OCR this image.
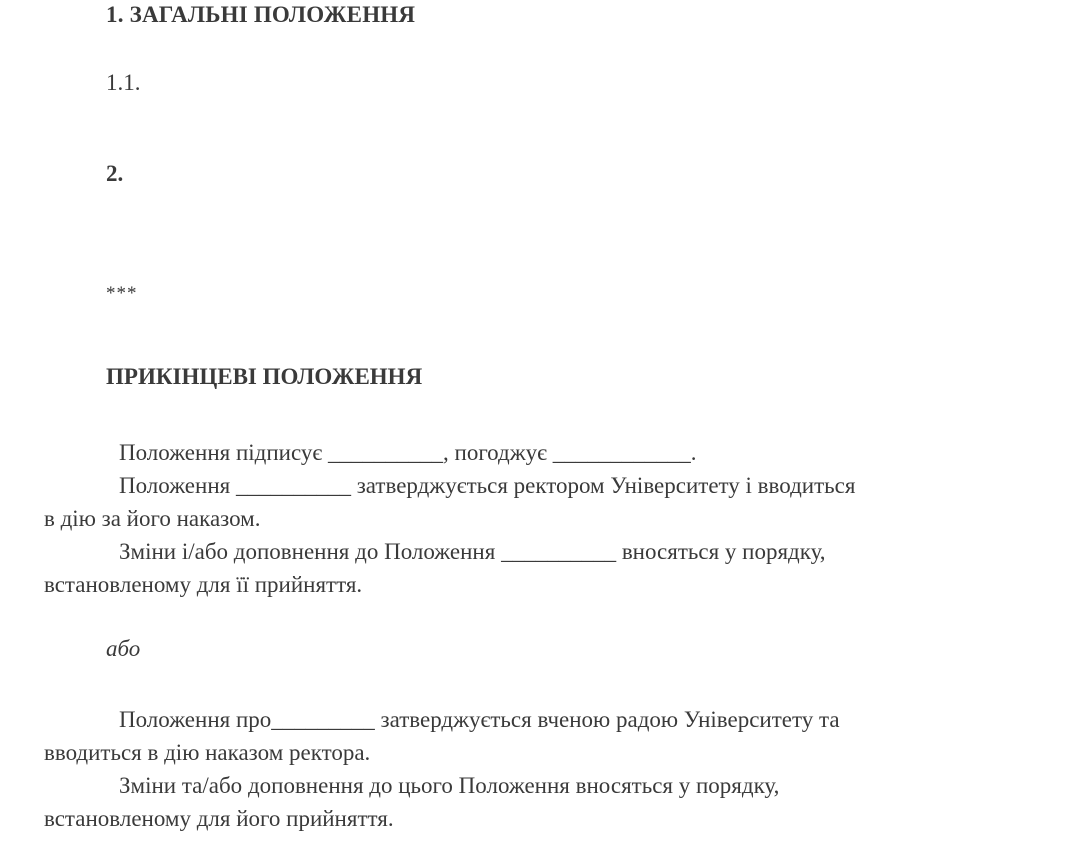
1. ЗАГАЛЬНІ ПОЛОЖЕННЯ
1.1.
2.
***
ПРИКІНЦЕВІ ПОЛОЖЕННЯ
Положення підписує __________, погоджує ____________.
Положення __________ затверджується ректором Університету і вводиться
в дію за його наказом.
Зміни і/або доповнення до Положення __________ вносяться у порядку,
встановленому для її прийняття.
або
Положення про_________ затверджується вченою радою Університету та
вводиться в дію наказом ректора.
Зміни та/або доповнення до цього Положення вносяться у порядку,
встановленому для його прийняття.
